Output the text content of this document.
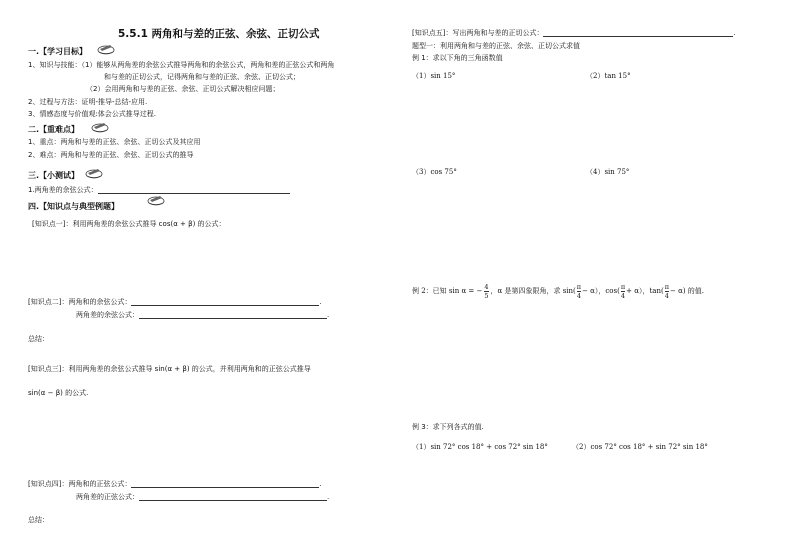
5.5.1 两角和与差的正弦、余弦、正切公式
一.【学习目标】
1、知识与技能：（1）能够从两角差的余弦公式推导两角和的余弦公式，两角和差的正弦公式和两角
和与差的正切公式，记得两角和与差的正弦、余弦、正切公式；
（2）会用两角和与差的正弦、余弦、正切公式解决相应问题；
2、过程与方法：证明-推导-总结-应用.
3、情感态度与价值观:体会公式推导过程.
二.【重难点】
1、重点：两角和与差的正弦、余弦、正切公式及其应用
2、难点：两角和与差的正弦、余弦、正切公式的推导
三.【小测试】
1.两角差的余弦公式：
四.【知识点与典型例题】
[知识点一]：利用两角差的余弦公式推导 cos(α + β) 的公式：
[知识点二]：两角和的余弦公式：	.
两角差的余弦公式：	.
总结：
[知识点三]：利用两角差的余弦公式推导 sin(α + β) 的公式，并利用两角和的正弦公式推导
sin(α − β) 的公式.
[知识点四]：两角和的正弦公式：	.
两角差的正弦公式：	.
总结：
[知识点五]：写出两角和与差的正切公式：	.
题型一：利用两角和与差的正弦、余弦、正切公式求值
例 1：求以下角的三角函数值
（1）sin 15°	（2）tan 15°
（3）cos 75°	（4）sin 75°
例 2：已知 sin α = − $\frac{4}{5}$ ，α 是第四象限角，求 sin(
π
4
− α ），cos(
π
4
+ α ），tan(
π
4
− α ) 的值.
例 3：求下列各式的值.
（1）sin 72° cos 18° + cos 72° sin 18°	（2）cos 72° cos 18° + sin 72° sin 18°
